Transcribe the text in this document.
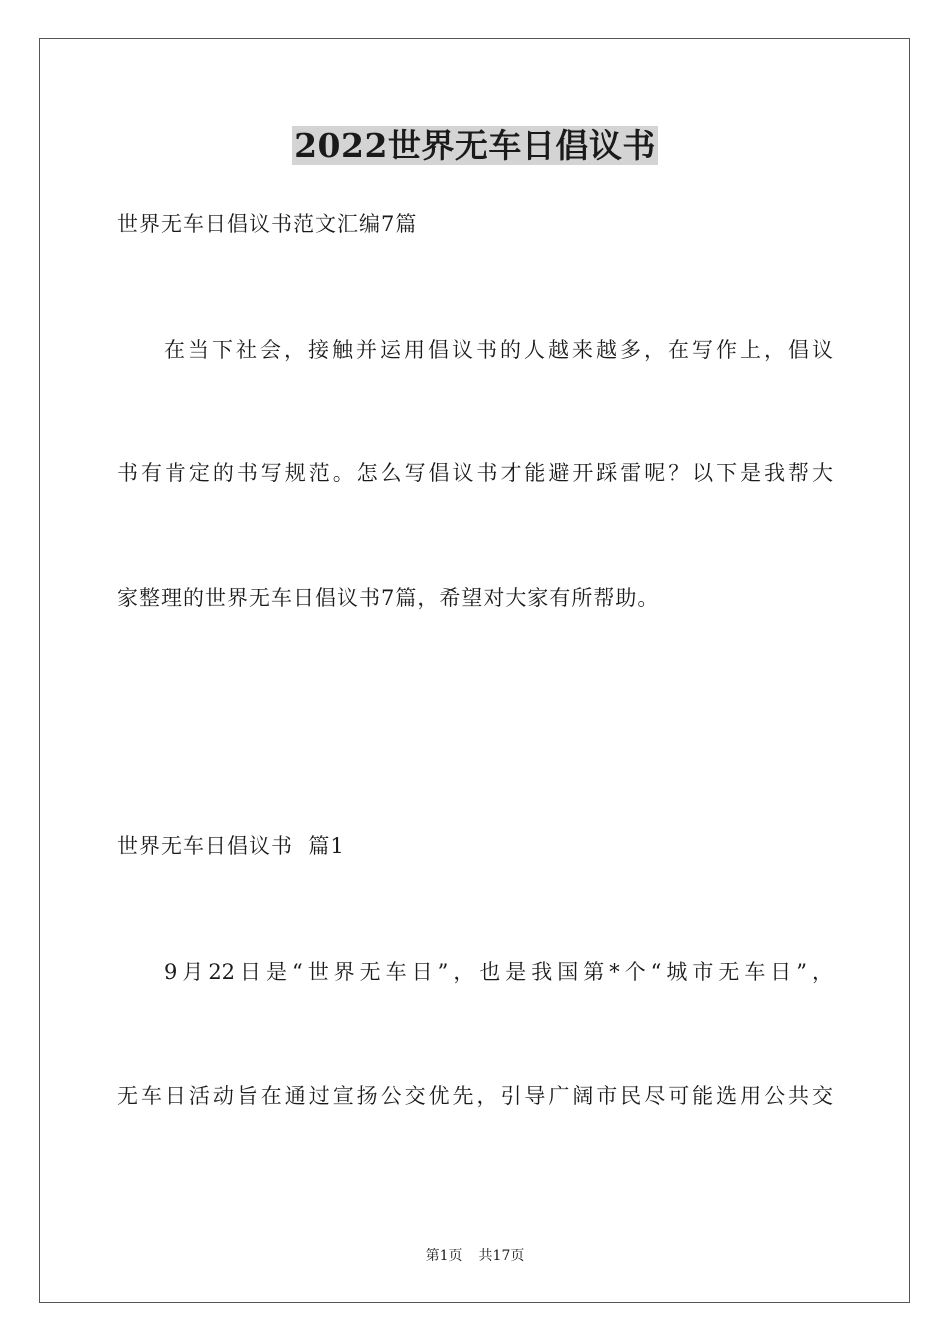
2022世界无车日倡议书
世界无车日倡议书范文汇编7篇
在当下社会，接触并运用倡议书的人越来越多，在写作上，倡议
书有肯定的书写规范。怎么写倡议书才能避开踩雷呢？以下是我帮大
家整理的世界无车日倡议书7篇，希望对大家有所帮助。
世界无车日倡议书  篇1
9月22日是“世界无车日”，也是我国第*个“城市无车日”，
无车日活动旨在通过宣扬公交优先，引导广阔市民尽可能选用公共交
第1页 共17页
